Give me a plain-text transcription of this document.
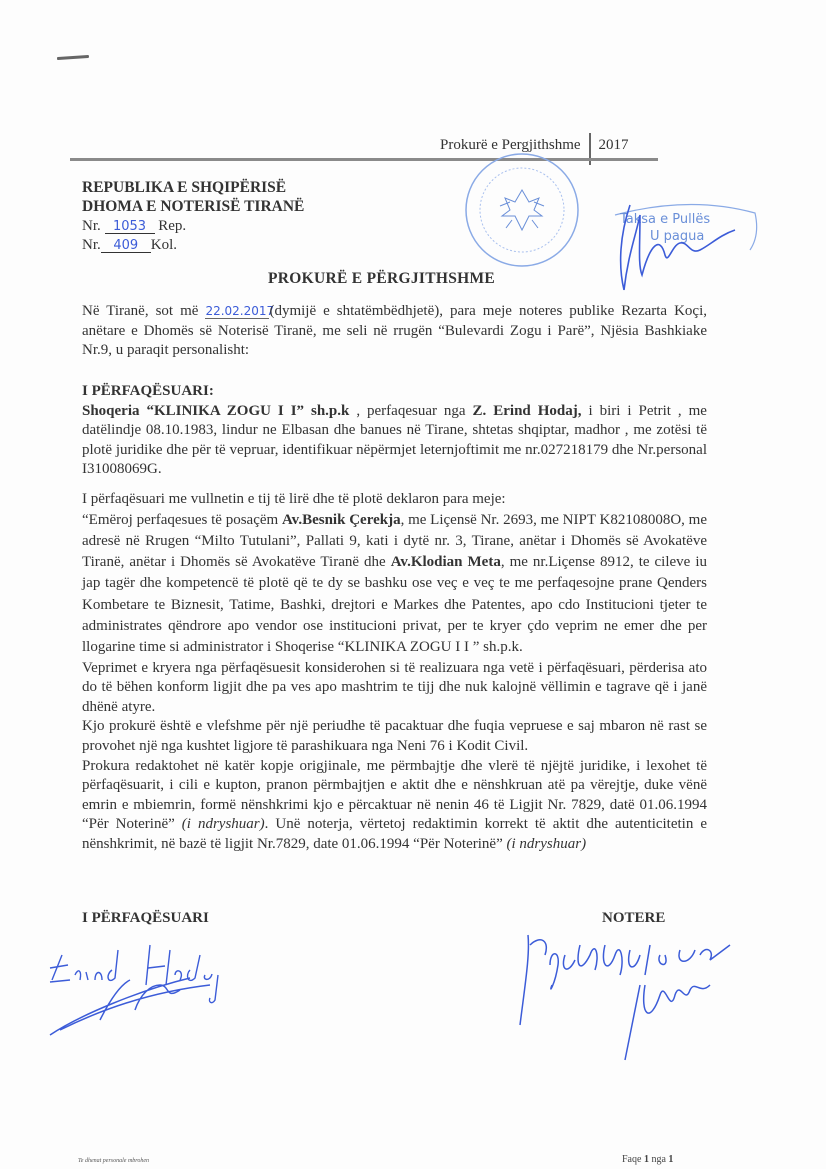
Prokurë e Pergjithshme	2017
REPUBLIKA E SHQIPËRISË
DHOMA E NOTERISË TIRANË
Nr. 1053 Rep.
Nr. 409 Kol.
Taksa e Pullës
U pagua
PROKURË E PËRGJITHSHME

Në Tiranë, sot më 22.02.2017(dymijë e shtatëmbëdhjetë), para meje noteres publike Rezarta Koçi, anëtare e Dhomës së Noterisë Tiranë, me seli në rrugën “Bulevardi Zogu i Parë”, Njësia Bashkiake Nr.9, u paraqit personalisht:

I PËRFAQËSUARI:

Shoqeria “KLINIKA ZOGU I I” sh.p.k , perfaqesuar nga Z. Erind Hodaj, i biri i Petrit , me datëlindje 08.10.1983, lindur ne Elbasan dhe banues në Tirane, shtetas shqiptar, madhor , me zotësi të plotë juridike dhe për të vepruar, identifikuar nëpërmjet leternjoftimit me nr.027218179 dhe Nr.personal I31008069G.

I përfaqësuari me vullnetin e tij të lirë dhe të plotë deklaron para meje:

“Emëroj perfaqesues të posaçëm Av.Besnik Çerekja, me Liçensë Nr. 2693, me NIPT K82108008O, me adresë në Rrugen “Milto Tutulani”, Pallati 9, kati i dytë nr. 3, Tirane, anëtar i Dhomës së Avokatëve Tiranë, anëtar i Dhomës së Avokatëve Tiranë dhe Av.Klodian Meta, me nr.Liçense 8912, te cileve iu jap tagër dhe kompetencë të plotë që te dy se bashku ose veç e veç te me perfaqesojne prane Qenders Kombetare te Biznesit, Tatime, Bashki, drejtori e Markes dhe Patentes, apo cdo Institucioni tjeter te administrates qëndrore apo vendor ose institucioni privat, per te kryer çdo veprim ne emer dhe per llogarine time si administrator i Shoqerise “KLINIKA ZOGU I I ” sh.p.k.

Veprimet e kryera nga përfaqësuesit konsiderohen si të realizuara nga vetë i përfaqësuari, përderisa ato do të bëhen konform ligjit dhe pa ves apo mashtrim te tijj dhe nuk kalojnë vëllimin e tagrave që i janë dhënë atyre.

Kjo prokurë është e vlefshme për një periudhe të pacaktuar dhe fuqia vepruese e saj mbaron në rast se provohet një nga kushtet ligjore të parashikuara nga Neni 76 i Kodit Civil.

Prokura redaktohet në katër kopje origjinale, me përmbajtje dhe vlerë të njëjtë juridike, i lexohet të përfaqësuarit, i cili e kupton, pranon përmbajtjen e aktit dhe e nënshkruan atë pa vërejtje, duke vënë emrin e mbiemrin, formë nënshkrimi kjo e përcaktuar në nenin 46 të Ligjit Nr. 7829, datë 01.06.1994 “Për Noterinë” (i ndryshuar). Unë noterja, vërtetoj redaktimin korrekt të aktit dhe autenticitetin e nënshkrimit, në bazë të ligjit Nr.7829, date 01.06.1994 “Për Noterinë” (i ndryshuar)

I PËRFAQËSUARI	NOTERE
Te dhenat personale mbrohen	Faqe 1 nga 1
